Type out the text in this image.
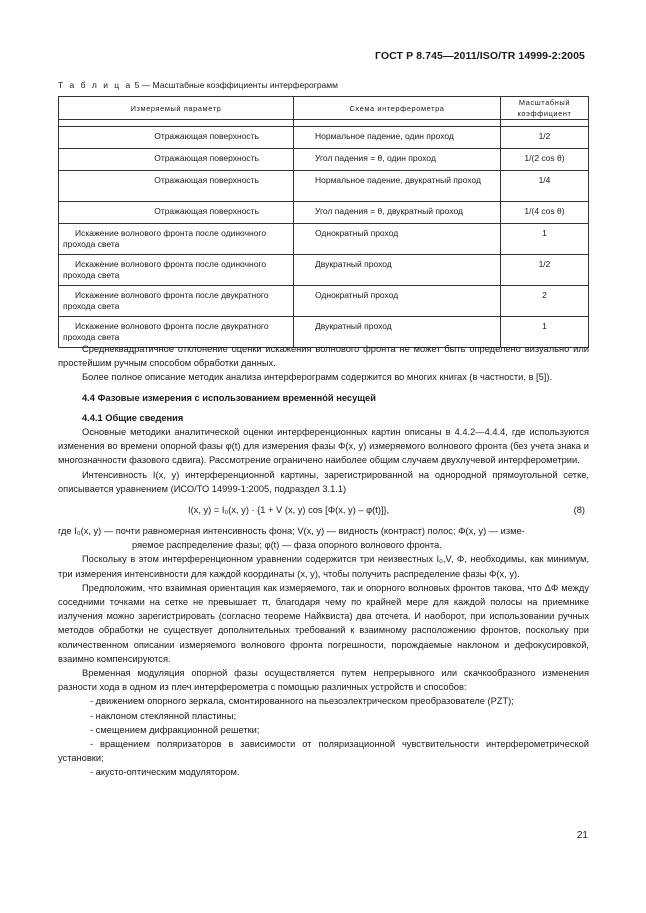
ГОСТ Р 8.745—2011/ISO/TR 14999-2:2005
Т а б л и ц а 5 — Масштабные коэффициенты интерферограмм
Измеряемый параметр	Схема интерферометра	Масштабный коэффициент

Отражающая поверхность	Нормальное падение, один проход	1/2
Отражающая поверхность	Угол падения = θ, один проход	1/(2 cos θ)
Отражающая поверхность	Нормальное падение, двукратный проход	1/4
Отражающая поверхность	Угол падения = θ, двукратный проход	1/(4 cos θ)
Искажение волнового фронта после одиночного прохода света	Однократный проход	1
Искажение волнового фронта после одиночного прохода света	Двукратный проход	1/2
Искажение волнового фронта после двукратного прохода света	Однократный проход	2
Искажение волнового фронта после двукратного прохода света	Двукратный проход	1

Среднеквадратичное отклонение оценки искажения волнового фронта не может быть определено визуально или простейшим ручным способом обработки данных.

Более полное описание методик анализа интерферограмм содержится во многих книгах (в частности, в [5]).

4.4 Фазовые измерения с использованием временно́й несущей

4.4.1 Общие сведения

Основные методики аналитической оценки интерференционных картин описаны в 4.4.2—4.4.4, где используются изменения во времени опорной фазы φ(t) для измерения фазы Φ(x, y) измеряемого волнового фронта (без учета знака и многозначности фазового сдвига). Рассмотрение ограничено наиболее общим случаем двухлучевой интерферометрии.

Интенсивность I(x, y) интерференционной картины, зарегистрированной на однородной прямоугольной сетке, описывается уравнением (ИСО/ТО 14999-1:2005, подраздел 3.1.1)

I(x, y) = I₀(x, y) · {1 + V (x, y) cos [Φ(x, y) – φ(t)]},	(8)

где I₀(x, y) — почти равномерная интенсивность фона; V(x, y) — видность (контраст) полос; Φ(x, y) — изме-
ряемое распределение фазы; φ(t) — фаза опорного волнового фронта.

Поскольку в этом интерференционном уравнении содержится три неизвестных I₀,V, Φ, необходимы, как минимум, три измерения интенсивности для каждой координаты (x, y), чтобы получить распределение фазы Φ(x, y).

Предположим, что взаимная ориентация как измеряемого, так и опорного волновых фронтов такова, что ΔΦ между соседними точками на сетке не превышает π, благодаря чему по крайней мере для каждой полосы на приемнике излучения можно зарегистрировать (согласно теореме Найквиста) два отсчета. И наоборот, при использовании ручных методов обработки не существует дополнительных требований к взаимному расположению фронтов, поскольку при количественном описании измеряемого волнового фронта погрешности, порождаемые наклоном и дефокусировкой, взаимно компенсируются.

Временная модуляция опорной фазы осуществляется путем непрерывного или скачкообразного изменения разности хода в одном из плеч интерферометра с помощью различных устройств и способов:

- движением опорного зеркала, смонтированного на пьезоэлектрическом преобразователе (PZT);

- наклоном стеклянной пластины;

- смещением дифракционной решетки;

- вращением поляризаторов в зависимости от поляризационной чувствительности интерферометрической установки;

- акусто-оптическим модулятором.

21
